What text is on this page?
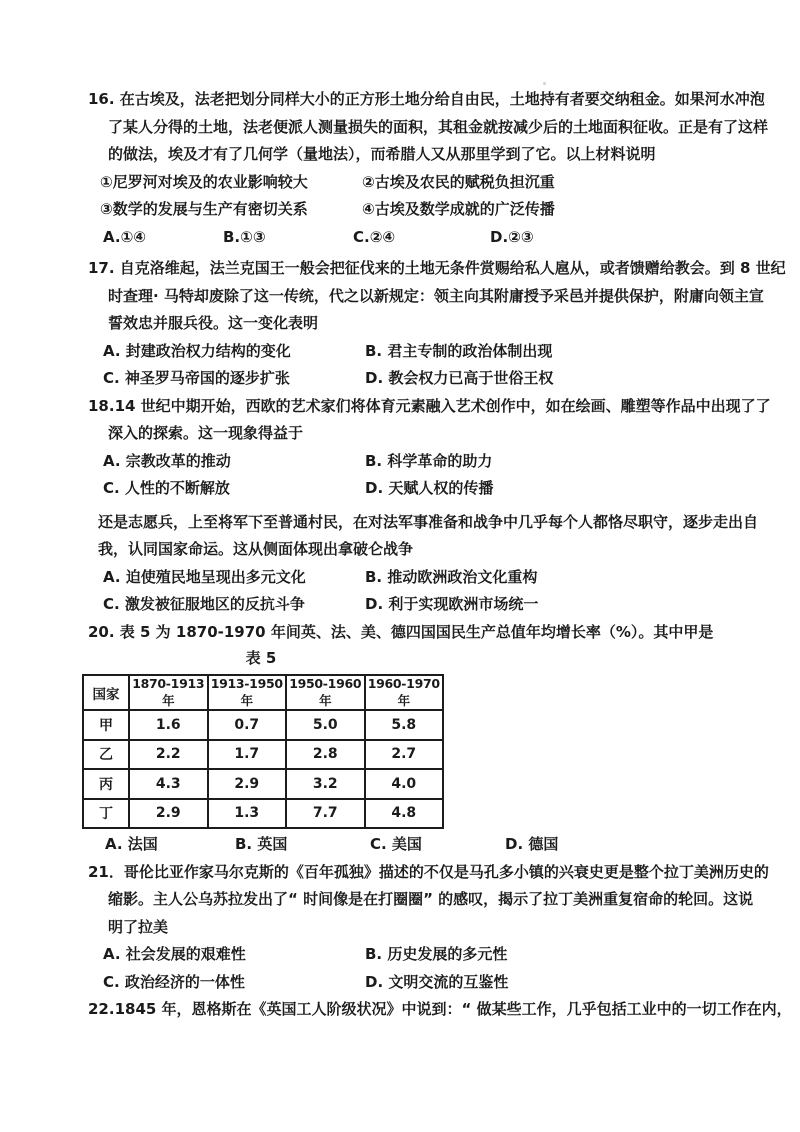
16. 在古埃及，法老把划分同样大小的正方形土地分给自由民，土地持有者要交纳租金。如果河水冲泡
了某人分得的土地，法老便派人测量损失的面积，其租金就按减少后的土地面积征收。正是有了这样
的做法，埃及才有了几何学（量地法），而希腊人又从那里学到了它。以上材料说明
①尼罗河对埃及的农业影响较大	②古埃及农民的赋税负担沉重
③数学的发展与生产有密切关系	④古埃及数学成就的广泛传播
A.①④	B.①③	C.②④	D.②③
17. 自克洛维起，法兰克国王一般会把征伐来的土地无条件赏赐给私人扈从，或者馈赠给教会。到 8 世纪
时查理· 马特却废除了这一传统，代之以新规定：领主向其附庸授予采邑并提供保护，附庸向领主宣
誓效忠并服兵役。这一变化表明
A. 封建政治权力结构的变化	B. 君主专制的政治体制出现
C. 神圣罗马帝国的逐步扩张	D. 教会权力已高于世俗王权
18.14 世纪中期开始，西欧的艺术家们将体育元素融入艺术创作中，如在绘画、雕塑等作品中出现了了
深入的探索。这一现象得益于
A. 宗教改革的推动	B. 科学革命的助力
C. 人性的不断解放	D. 天赋人权的传播
还是志愿兵，上至将军下至普通村民，在对法军事准备和战争中几乎每个人都恪尽职守，逐步走出自
我，认同国家命运。这从侧面体现出拿破仑战争
A. 迫使殖民地呈现出多元文化	B. 推动欧洲政治文化重构
C. 激发被征服地区的反抗斗争	D. 利于实现欧洲市场统一
20. 表 5 为 1870-1970 年间英、法、美、德四国国民生产总值年均增长率（%）。其中甲是
表 5
国家	1870-1913 年	1913-1950 年	1950-1960 年	1960-1970 年
甲	1.6	0.7	5.0	5.8
乙	2.2	1.7	2.8	2.7
丙	4.3	2.9	3.2	4.0
丁	2.9	1.3	7.7	4.8
A. 法国	B. 英国	C. 美国	D. 德国
21．哥伦比亚作家马尔克斯的《百年孤独》描述的不仅是马孔多小镇的兴衰史更是整个拉丁美洲历史的
缩影。主人公乌苏拉发出了“ 时间像是在打圈圈” 的感叹，揭示了拉丁美洲重复宿命的轮回。这说
明了拉美
A. 社会发展的艰难性	B. 历史发展的多元性
C. 政治经济的一体性	D. 文明交流的互鉴性
22.1845 年，恩格斯在《英国工人阶级状况》中说到：“ 做某些工作，几乎包括工业中的一切工作在内，
